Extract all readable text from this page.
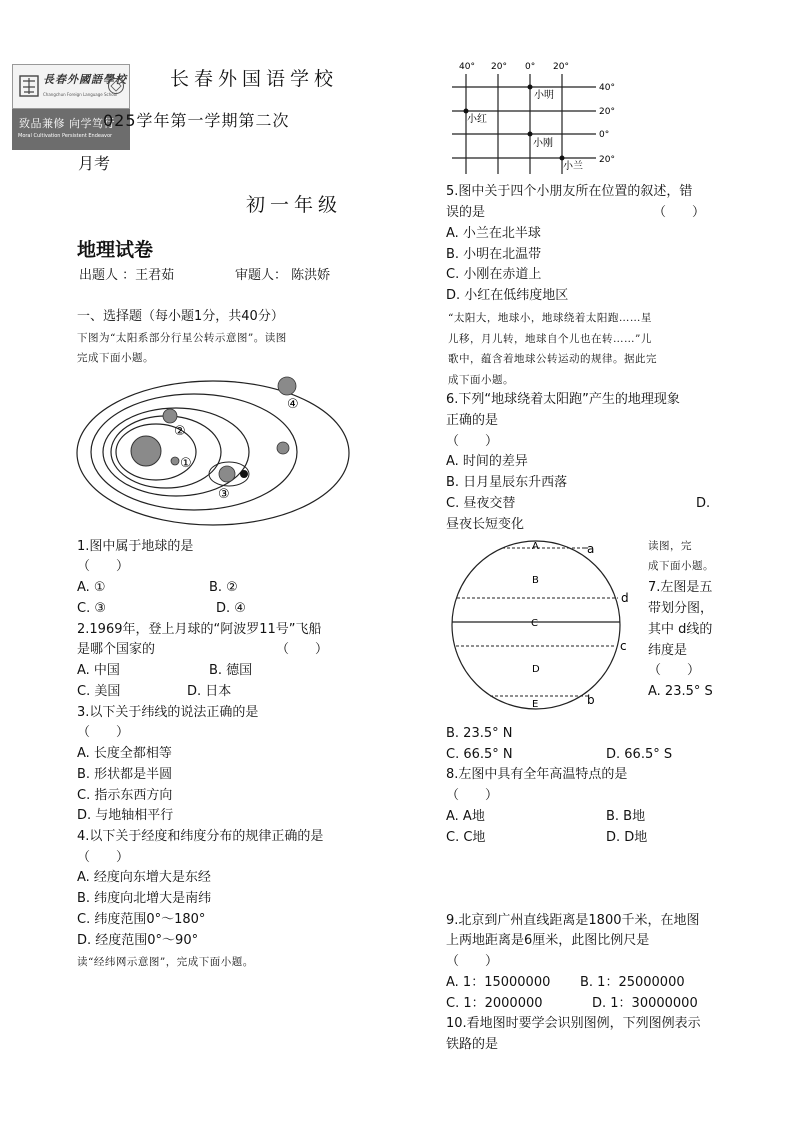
長春外國語學校
Changchun Foreign Language School
致品兼修 向学笃行
Moral Cultivation Persistent Endeavor
长春外国语学校
025学年第一学期第二次
月考
初一年级
地理试卷
出题人 ：王君茹	审题人： 陈洪娇
一、选择题（每小题1分，共40分）
下图为“太阳系部分行星公转示意图”。读图
完成下面小题。
①
②
③
④
1.图中属于地球的是
（　　）
A. ①	B. ②
C. ③	D. ④
2.1969年，登上月球的“阿波罗11号”飞船
是哪个国家的	（　　）
A. 中国	B. 德国
C. 美国	D. 日本
3.以下关于纬线的说法正确的是
（　　）
A. 长度全都相等
B. 形状都是半圆
C. 指示东西方向
D. 与地轴相平行
4.以下关于经度和纬度分布的规律正确的是
（　　）
A. 经度向东增大是东经
B. 纬度向北增大是南纬
C. 纬度范围0°～180°
D. 经度范围0°～90°
读“经纬网示意图”，完成下面小题。
40° 20° 0° 20°
40°
20°
0°
20°
小明
小红
小刚
小兰
5.图中关于四个小朋友所在位置的叙述，错
误的是	（　　）
A. 小兰在北半球
B. 小明在北温带
C. 小刚在赤道上
D. 小红在低纬度地区
“太阳大，地球小，地球绕着太阳跑……星
儿移，月儿转，地球自个儿也在转……”儿
歌中，蕴含着地球公转运动的规律。据此完
成下面小题。
6.下列“地球绕着太阳跑”产生的地理现象
正确的是
（　　）
A. 时间的差异
B. 日月星辰东升西落
C. 昼夜交替	D.
昼夜长短变化
A
B
C
D
E
a
d
c
b
读图，完
成下面小题。
7.左图是五
带划分图，
其中 d线的
纬度是
（　　）
A. 23.5° S
B. 23.5° N
C. 66.5° N	D. 66.5° S
8.左图中具有全年高温特点的是
（　　）
A. A地	B. B地
C. C地	D. D地
9.北京到广州直线距离是1800千米，在地图
上两地距离是6厘米，此图比例尺是
（　　）
A. 1：15000000 B. 1：25000000
C. 1：2000000	D. 1：30000000
10.看地图时要学会识别图例，下列图例表示
铁路的是
